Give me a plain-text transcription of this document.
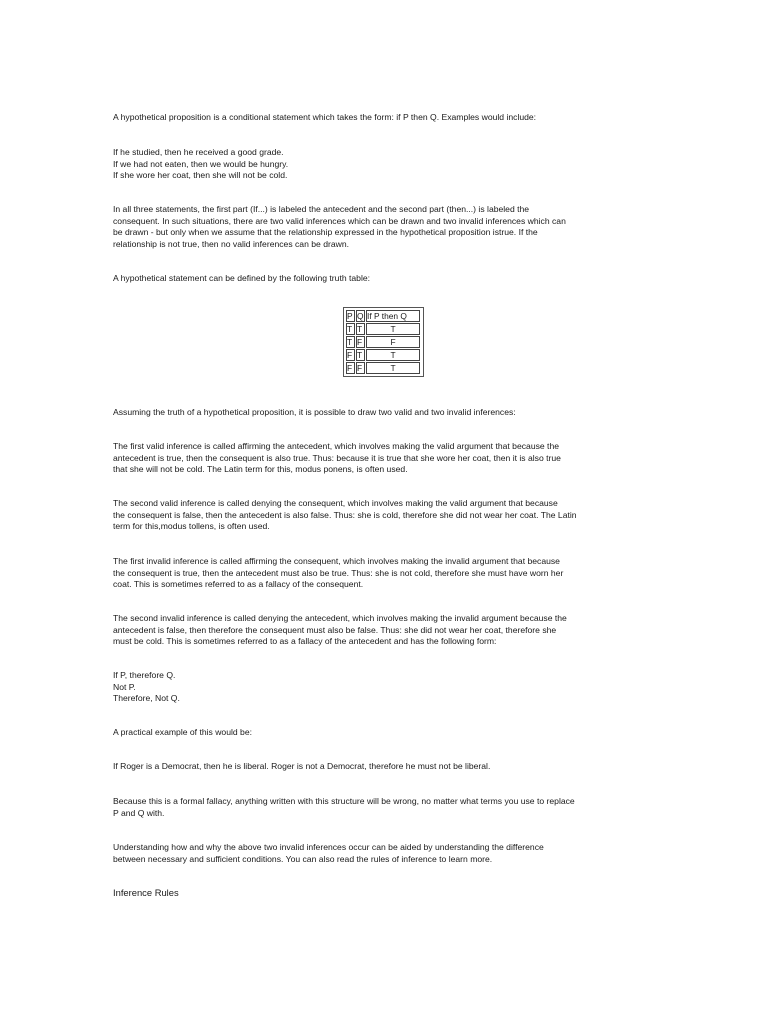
A hypothetical proposition is a conditional statement which takes the form: if P then Q. Examples would include:

If he studied, then he received a good grade.
If we had not eaten, then we would be hungry.
If she wore her coat, then she will not be cold.

In all three statements, the first part (If...) is labeled the antecedent and the second part (then...) is labeled the
consequent. In such situations, there are two valid inferences which can be drawn and two invalid inferences which can
be drawn - but only when we assume that the relationship expressed in the hypothetical proposition istrue. If the
relationship is not true, then no valid inferences can be drawn.

A hypothetical statement can be defined by the following truth table:

P Q If P then Q
T T	T
T F	F
F T	T
F F	T

Assuming the truth of a hypothetical proposition, it is possible to draw two valid and two invalid inferences:

The first valid inference is called affirming the antecedent, which involves making the valid argument that because the
antecedent is true, then the consequent is also true. Thus: because it is true that she wore her coat, then it is also true
that she will not be cold. The Latin term for this, modus ponens, is often used.

The second valid inference is called denying the consequent, which involves making the valid argument that because
the consequent is false, then the antecedent is also false. Thus: she is cold, therefore she did not wear her coat. The Latin
term for this,modus tollens, is often used.

The first invalid inference is called affirming the consequent, which involves making the invalid argument that because
the consequent is true, then the antecedent must also be true. Thus: she is not cold, therefore she must have worn her
coat. This is sometimes referred to as a fallacy of the consequent.

The second invalid inference is called denying the antecedent, which involves making the invalid argument because the
antecedent is false, then therefore the consequent must also be false. Thus: she did not wear her coat, therefore she
must be cold. This is sometimes referred to as a fallacy of the antecedent and has the following form:

If P, therefore Q.
Not P.
Therefore, Not Q.

A practical example of this would be:

If Roger is a Democrat, then he is liberal. Roger is not a Democrat, therefore he must not be liberal.

Because this is a formal fallacy, anything written with this structure will be wrong, no matter what terms you use to replace
P and Q with.

Understanding how and why the above two invalid inferences occur can be aided by understanding the difference
between necessary and sufficient conditions. You can also read the rules of inference to learn more.

Inference Rules
